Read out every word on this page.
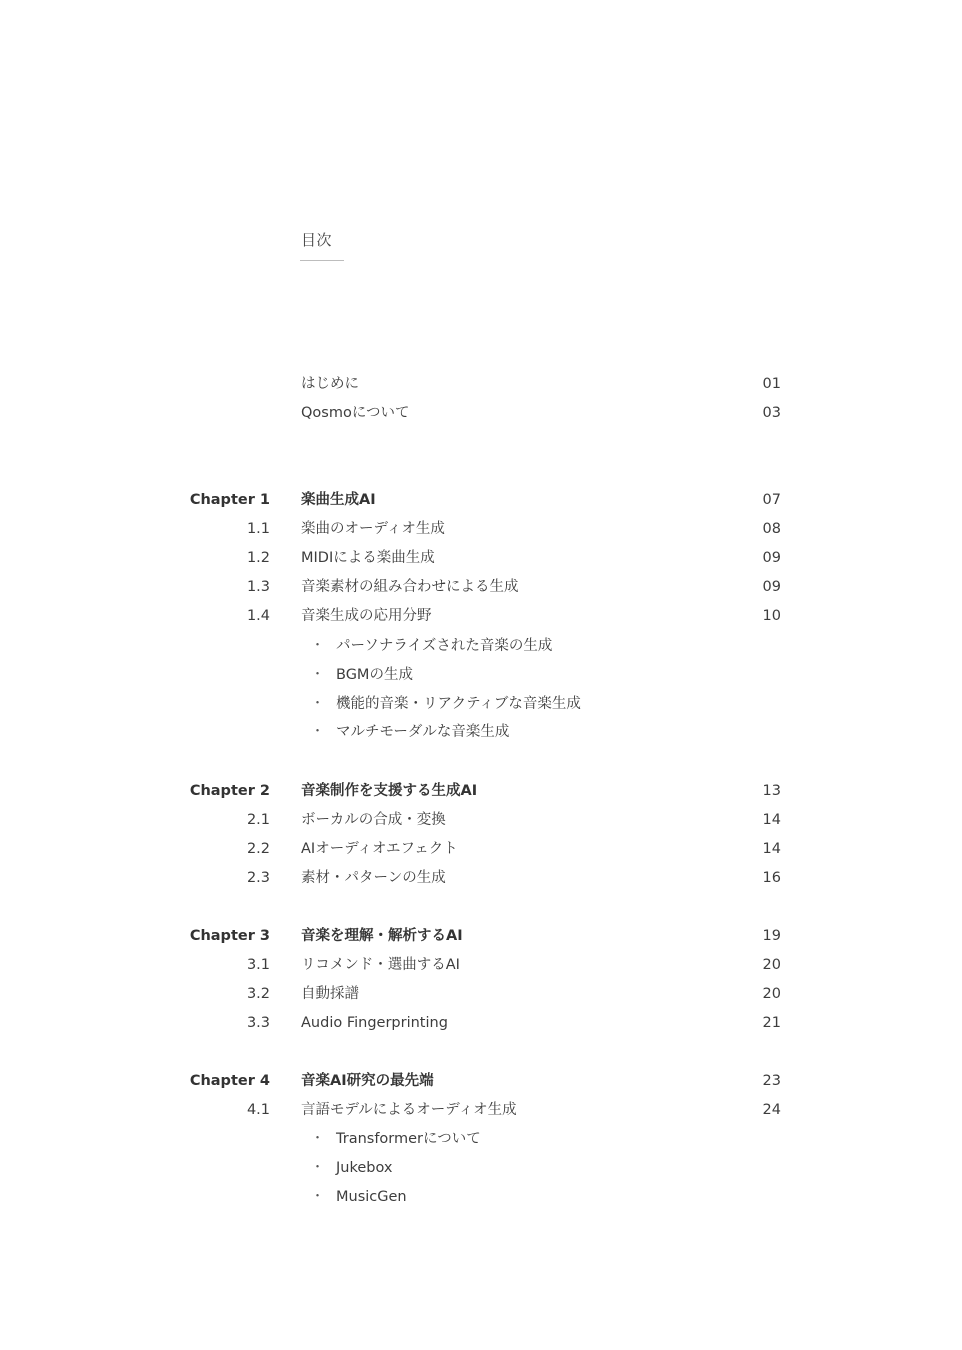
目次
はじめに	01
Qosmoについて	03
Chapter 1 楽曲生成AI	07
1.1 楽曲のオーディオ生成	08
1.2 MIDIによる楽曲生成	09
1.3 音楽素材の組み合わせによる生成	09
1.4 音楽生成の応用分野	10
・ パーソナライズされた音楽の生成
・ BGMの生成
・ 機能的音楽・リアクティブな音楽生成
・ マルチモーダルな音楽生成
Chapter 2 音楽制作を支援する生成AI	13
2.1 ボーカルの合成・変換	14
2.2 AIオーディオエフェクト	14
2.3 素材・パターンの生成	16
Chapter 3 音楽を理解・解析するAI	19
3.1 リコメンド・選曲するAI	20
3.2 自動採譜	20
3.3 Audio Fingerprinting	21
Chapter 4 音楽AI研究の最先端	23
4.1 言語モデルによるオーディオ生成	24
・ Transformerについて
・ Jukebox
・ MusicGen
